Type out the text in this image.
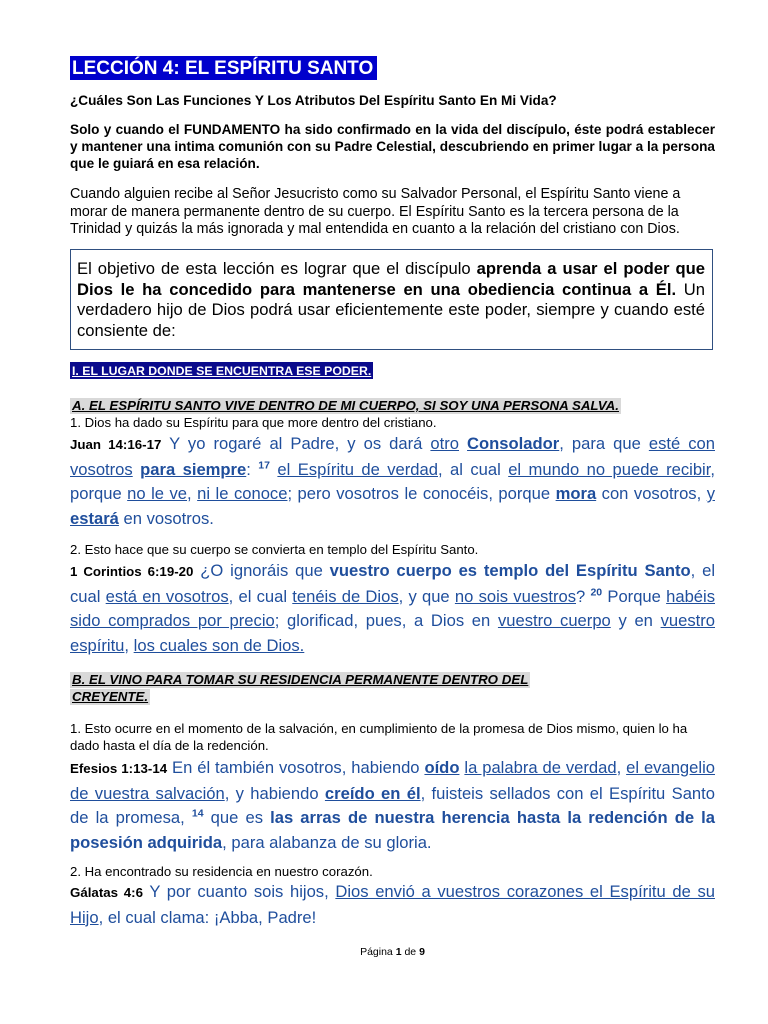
LECCIÓN 4: EL ESPÍRITU SANTO
¿Cuáles Son Las Funciones Y Los Atributos Del Espíritu Santo En Mi Vida?
Solo y cuando el FUNDAMENTO ha sido confirmado en la vida del discípulo, éste podrá establecer y mantener una intima comunión con su Padre Celestial, descubriendo en primer lugar a la persona que le guiará en esa relación.
Cuando alguien recibe al Señor Jesucristo como su Salvador Personal, el Espíritu Santo viene a morar de manera permanente dentro de su cuerpo. El Espíritu Santo es la tercera persona de la Trinidad y quizás la más ignorada y mal entendida en cuanto a la relación del cristiano con Dios.
El objetivo de esta lección es lograr que el discípulo aprenda a usar el poder que Dios le ha concedido para mantenerse en una obediencia continua a Él. Un verdadero hijo de Dios podrá usar eficientemente este poder, siempre y cuando esté consiente de:
I. EL LUGAR DONDE SE ENCUENTRA ESE PODER.
A. EL ESPÍRITU SANTO VIVE DENTRO DE MI CUERPO, SI SOY UNA PERSONA SALVA.
1. Dios ha dado su Espíritu para que more dentro del cristiano.
Juan 14:16-17 Y yo rogaré al Padre, y os dará otro Consolador, para que esté con vosotros para siempre: $^{17}$ el Espíritu de verdad, al cual el mundo no puede recibir, porque no le ve, ni le conoce; pero vosotros le conocéis, porque mora con vosotros, y estará en vosotros.
2. Esto hace que su cuerpo se convierta en templo del Espíritu Santo.
1 Corintios 6:19-20 ¿O ignoráis que vuestro cuerpo es templo del Espíritu Santo, el cual está en vosotros, el cual tenéis de Dios, y que no sois vuestros? $^{20}$ Porque habéis sido comprados por precio; glorificad, pues, a Dios en vuestro cuerpo y en vuestro espíritu, los cuales son de Dios.
B. EL VINO PARA TOMAR SU RESIDENCIA PERMANENTE DENTRO DEL
CREYENTE.
1. Esto ocurre en el momento de la salvación, en cumplimiento de la promesa de Dios mismo, quien lo ha dado hasta el día de la redención.
Efesios 1:13-14 En él también vosotros, habiendo oído la palabra de verdad, el evangelio de vuestra salvación, y habiendo creído en él, fuisteis sellados con el Espíritu Santo de la promesa, $^{14}$ que es las arras de nuestra herencia hasta la redención de la posesión adquirida, para alabanza de su gloria.
2. Ha encontrado su residencia en nuestro corazón.
Gálatas 4:6 Y por cuanto sois hijos, Dios envió a vuestros corazones el Espíritu de su Hijo, el cual clama: ¡Abba, Padre!
Página 1 de 9
